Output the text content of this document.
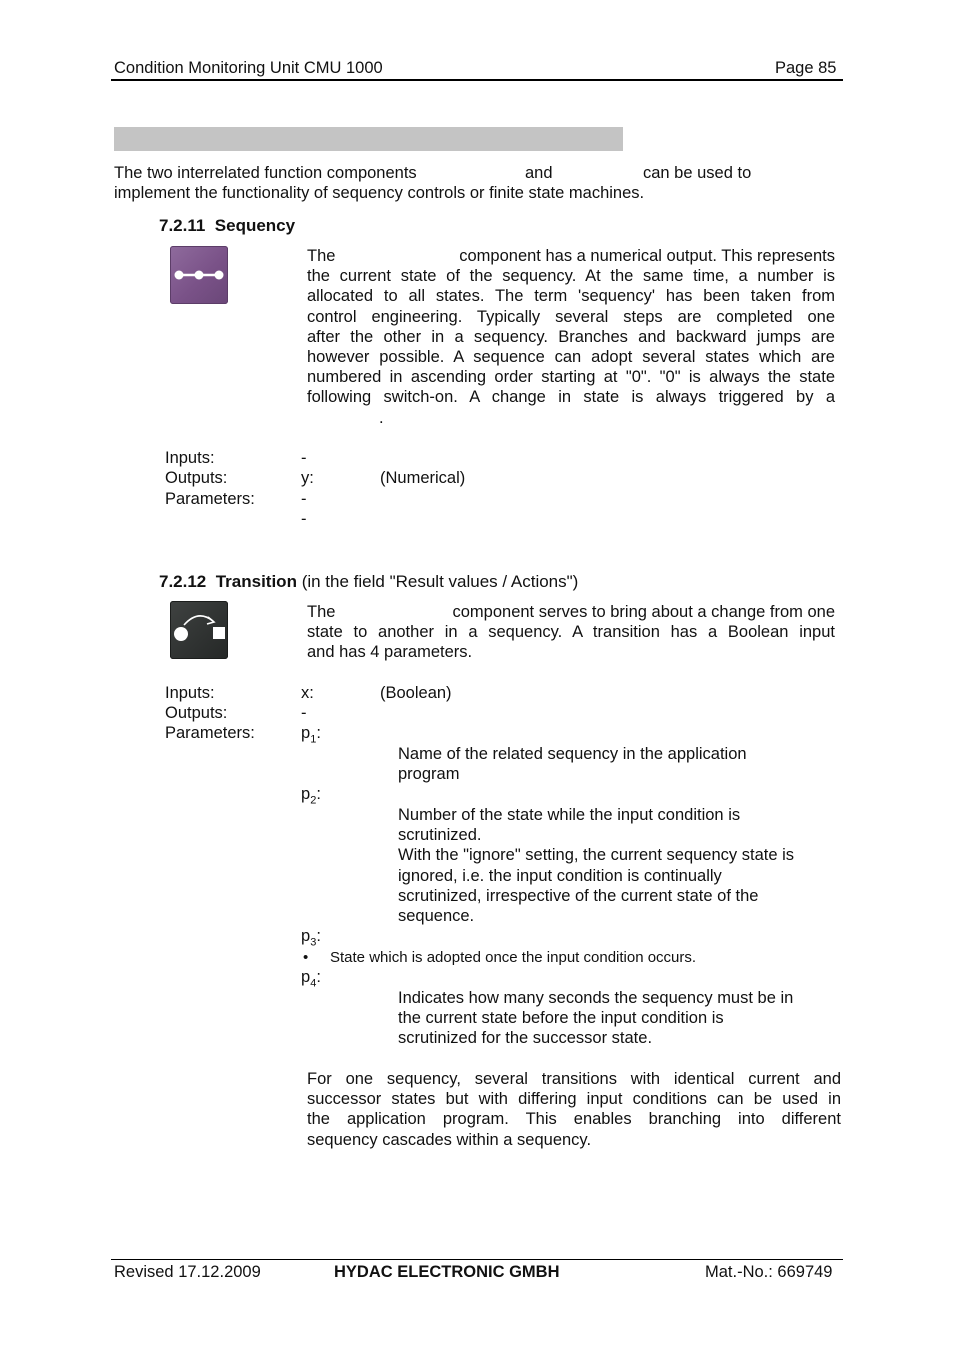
Condition Monitoring Unit CMU 1000	Page 85
The two interrelated function components	and	can be used to
implement the functionality of sequency controls or finite state machines.
7.2.11 Sequency
The	component has a numerical output. This represents
the current state of the sequency. At the same time, a number is
allocated to all states. The term 'sequency' has been taken from
control engineering. Typically several steps are completed one
after the other in a sequency. Branches and backward jumps are
however possible. A sequence can adopt several states which are
numbered in ascending order starting at "0". "0" is always the state
following switch-on. A change in state is always triggered by a
.
Inputs:	-
Outputs:	y:	(Numerical)
Parameters:	-
-
7.2.12 Transition (in the field "Result values / Actions")
The	component serves to bring about a change from one
state to another in a sequency. A transition has a Boolean input
and has 4 parameters.
Inputs:	x:	(Boolean)
Outputs:	-
Parameters:	$p_1$:
Name of the related sequency in the application
program
$p_2$:
Number of the state while the input condition is
scrutinized.
With the "ignore" setting, the current sequency state is
ignored, i.e. the input condition is continually
scrutinized, irrespective of the current state of the
sequence.
$p_3$:
• State which is adopted once the input condition occurs.
$p_4$:
Indicates how many seconds the sequency must be in
the current state before the input condition is
scrutinized for the successor state.
For one sequency, several transitions with identical current and
successor states but with differing input conditions can be used in
the application program. This enables branching into different
sequency cascades within a sequency.
Revised 17.12.2009	HYDAC ELECTRONIC GMBH	Mat.-No.: 669749
